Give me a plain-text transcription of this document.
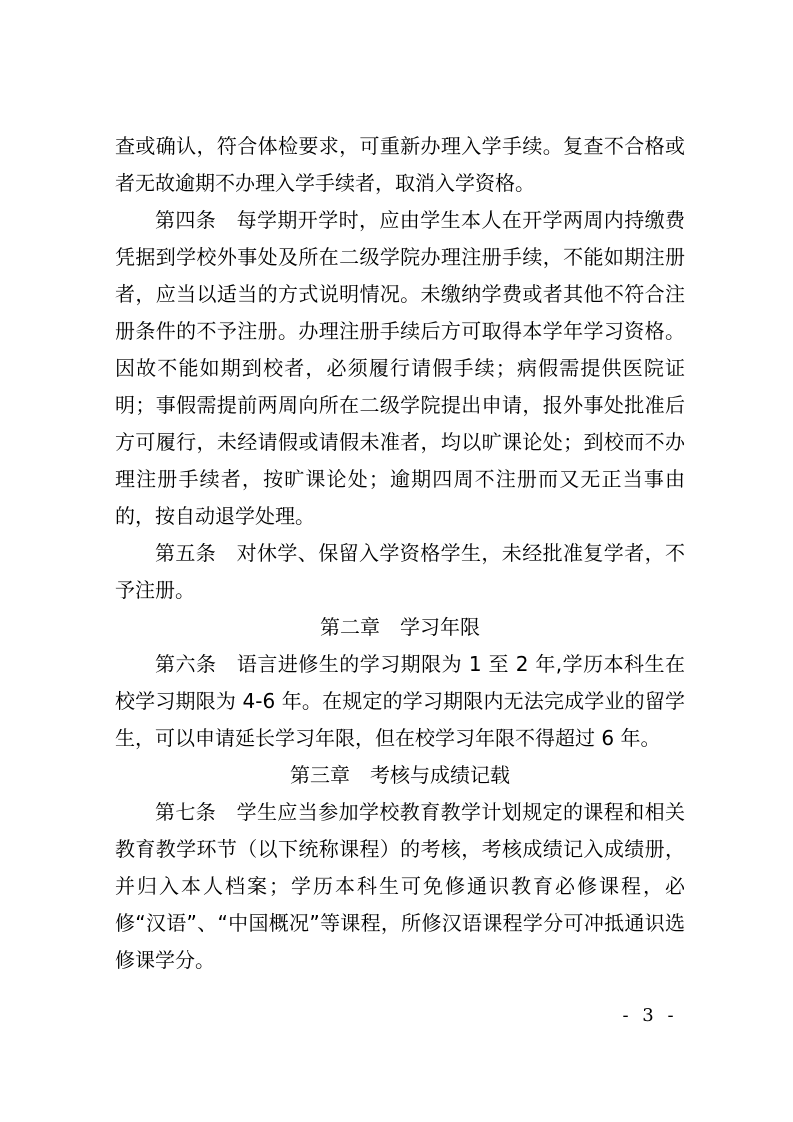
查或确认，符合体检要求，可重新办理入学手续。复查不合格或者无故逾期不办理入学手续者，取消入学资格。

第四条　每学期开学时，应由学生本人在开学两周内持缴费凭据到学校外事处及所在二级学院办理注册手续，不能如期注册者，应当以适当的方式说明情况。未缴纳学费或者其他不符合注册条件的不予注册。办理注册手续后方可取得本学年学习资格。因故不能如期到校者，必须履行请假手续；病假需提供医院证明；事假需提前两周向所在二级学院提出申请，报外事处批准后方可履行，未经请假或请假未准者，均以旷课论处；到校而不办理注册手续者，按旷课论处；逾期四周不注册而又无正当事由的，按自动退学处理。

第五条　对休学、保留入学资格学生，未经批准复学者，不予注册。

第二章　学习年限

第六条　语言进修生的学习期限为 1 至 2 年,学历本科生在校学习期限为 4-6 年。在规定的学习期限内无法完成学业的留学生，可以申请延长学习年限，但在校学习年限不得超过 6 年。

第三章　考核与成绩记载

第七条　学生应当参加学校教育教学计划规定的课程和相关教育教学环节（以下统称课程）的考核，考核成绩记入成绩册，并归入本人档案；学历本科生可免修通识教育必修课程，必修“汉语”、“中国概况”等课程，所修汉语课程学分可冲抵通识选修课学分。

- 3 -
